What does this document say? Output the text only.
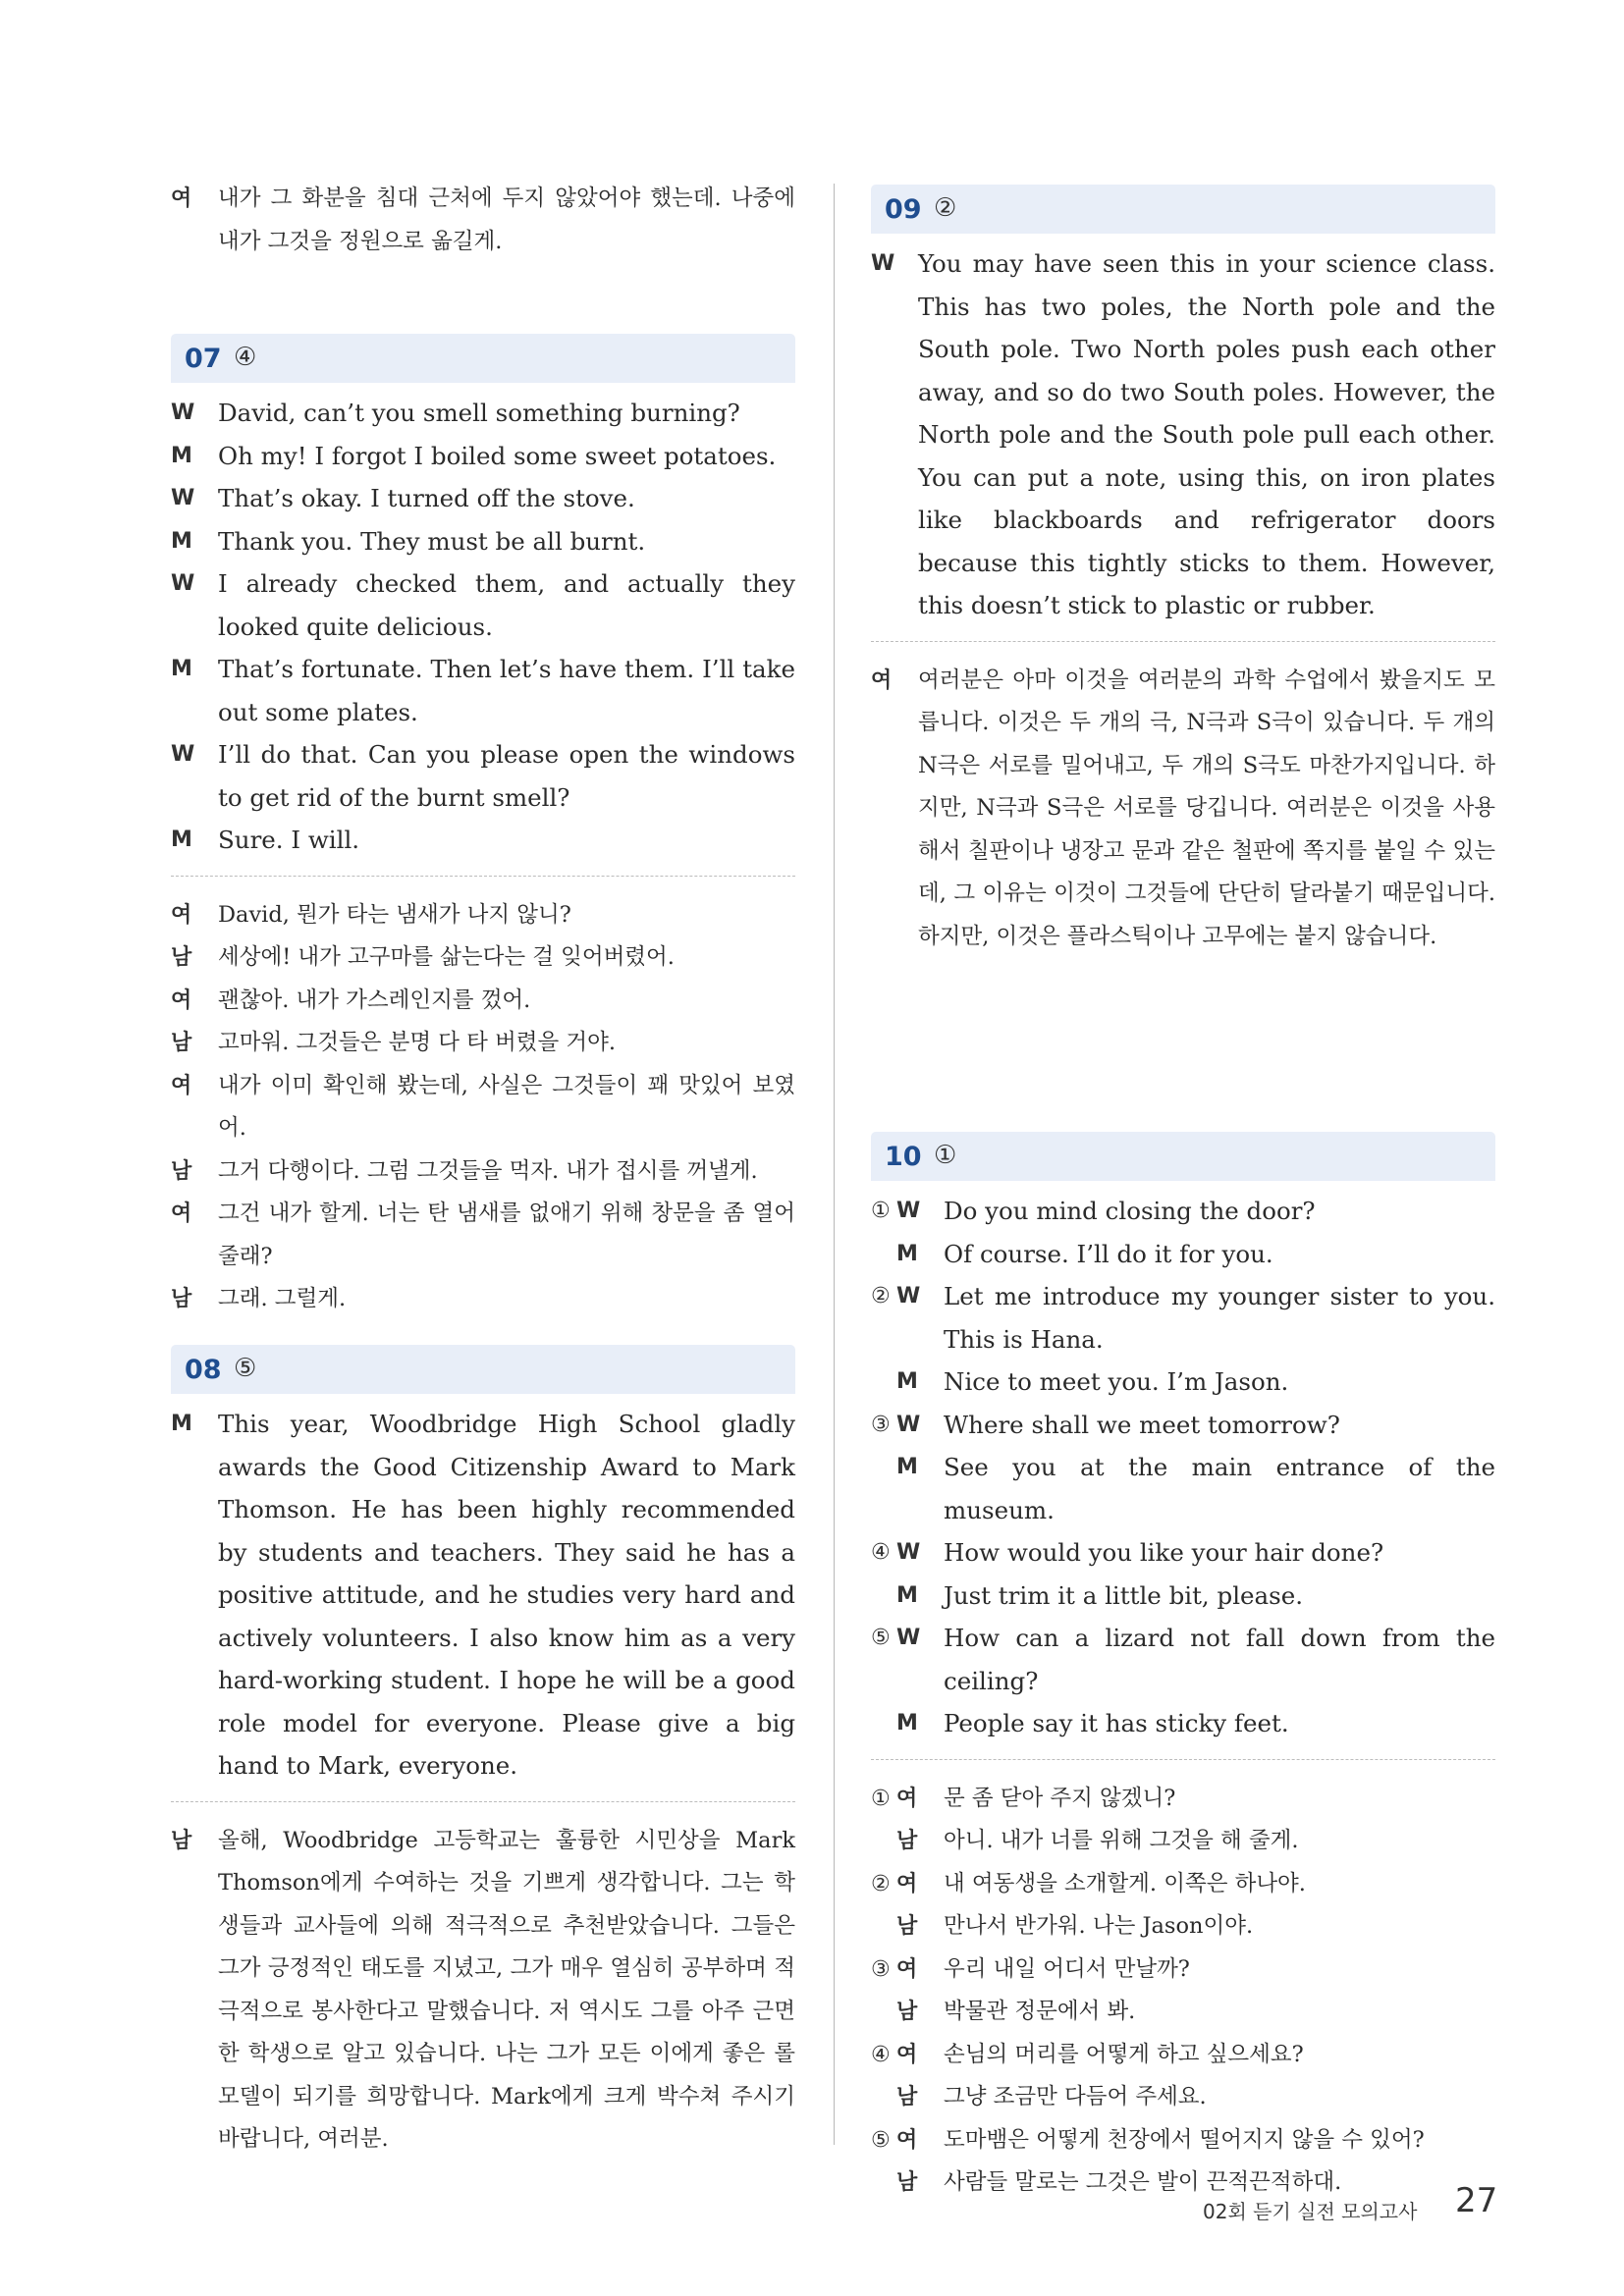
여	내가 그 화분을 침대 근처에 두지 않았어야 했는데. 나중에 내가 그것을 정원으로 옮길게.
07 ④
W David, can’t you smell something burning?
M	Oh my! I forgot I boiled some sweet potatoes.
W That’s okay. I turned off the stove.
M	Thank you. They must be all burnt.
W I already checked them, and actually they looked quite delicious.
M	That’s fortunate. Then let’s have them. I’ll take out some plates.
W I’ll do that. Can you please open the windows to get rid of the burnt smell?
M	Sure. I will.
여	David, 뭔가 타는 냄새가 나지 않니?
남	세상에! 내가 고구마를 삶는다는 걸 잊어버렸어.
여	괜찮아. 내가 가스레인지를 껐어.
남	고마워. 그것들은 분명 다 타 버렸을 거야.
여	내가 이미 확인해 봤는데, 사실은 그것들이 꽤 맛있어 보였어.
남	그거 다행이다. 그럼 그것들을 먹자. 내가 접시를 꺼낼게.
여	그건 내가 할게. 너는 탄 냄새를 없애기 위해 창문을 좀 열어 줄래?
남	그래. 그럴게.
08 ⑤
M	This year, Woodbridge High School gladly awards the Good Citizenship Award to Mark Thomson. He has been highly recommended by students and teachers. They said he has a positive attitude, and he studies very hard and actively volunteers. I also know him as a very hard-working student. I hope he will be a good role model for everyone. Please give a big hand to Mark, everyone.
남	올해, Woodbridge 고등학교는 훌륭한 시민상을 Mark Thomson에게 수여하는 것을 기쁘게 생각합니다. 그는 학생들과 교사들에 의해 적극적으로 추천받았습니다. 그들은 그가 긍정적인 태도를 지녔고, 그가 매우 열심히 공부하며 적극적으로 봉사한다고 말했습니다. 저 역시도 그를 아주 근면한 학생으로 알고 있습니다. 나는 그가 모든 이에게 좋은 롤 모델이 되기를 희망합니다. Mark에게 크게 박수쳐 주시기 바랍니다, 여러분.
09 ②
W You may have seen this in your science class. This has two poles, the North pole and the South pole. Two North poles push each other away, and so do two South poles. However, the North pole and the South pole pull each other. You can put a note, using this, on iron plates like blackboards and refrigerator doors because this tightly sticks to them. However, this doesn’t stick to plastic or rubber.
여	여러분은 아마 이것을 여러분의 과학 수업에서 봤을지도 모릅니다. 이것은 두 개의 극, N극과 S극이 있습니다. 두 개의 N극은 서로를 밀어내고, 두 개의 S극도 마찬가지입니다. 하지만, N극과 S극은 서로를 당깁니다. 여러분은 이것을 사용해서 칠판이나 냉장고 문과 같은 철판에 쪽지를 붙일 수 있는데, 그 이유는 이것이 그것들에 단단히 달라붙기 때문입니다. 하지만, 이것은 플라스틱이나 고무에는 붙지 않습니다.
10 ①
① W Do you mind closing the door?
M	Of course. I’ll do it for you.
② W Let me introduce my younger sister to you. This is Hana.
M	Nice to meet you. I’m Jason.
③ W Where shall we meet tomorrow?
M	See you at the main entrance of the museum.
④ W How would you like your hair done?
M	Just trim it a little bit, please.
⑤ W How can a lizard not fall down from the ceiling?
M	People say it has sticky feet.
① 여	문 좀 닫아 주지 않겠니?
남	아니. 내가 너를 위해 그것을 해 줄게.
② 여	내 여동생을 소개할게. 이쪽은 하나야.
남	만나서 반가워. 나는 Jason이야.
③ 여	우리 내일 어디서 만날까?
남	박물관 정문에서 봐.
④ 여	손님의 머리를 어떻게 하고 싶으세요?
남	그냥 조금만 다듬어 주세요.
⑤ 여	도마뱀은 어떻게 천장에서 떨어지지 않을 수 있어?
남	사람들 말로는 그것은 발이 끈적끈적하대.
02회 듣기 실전 모의고사 27
